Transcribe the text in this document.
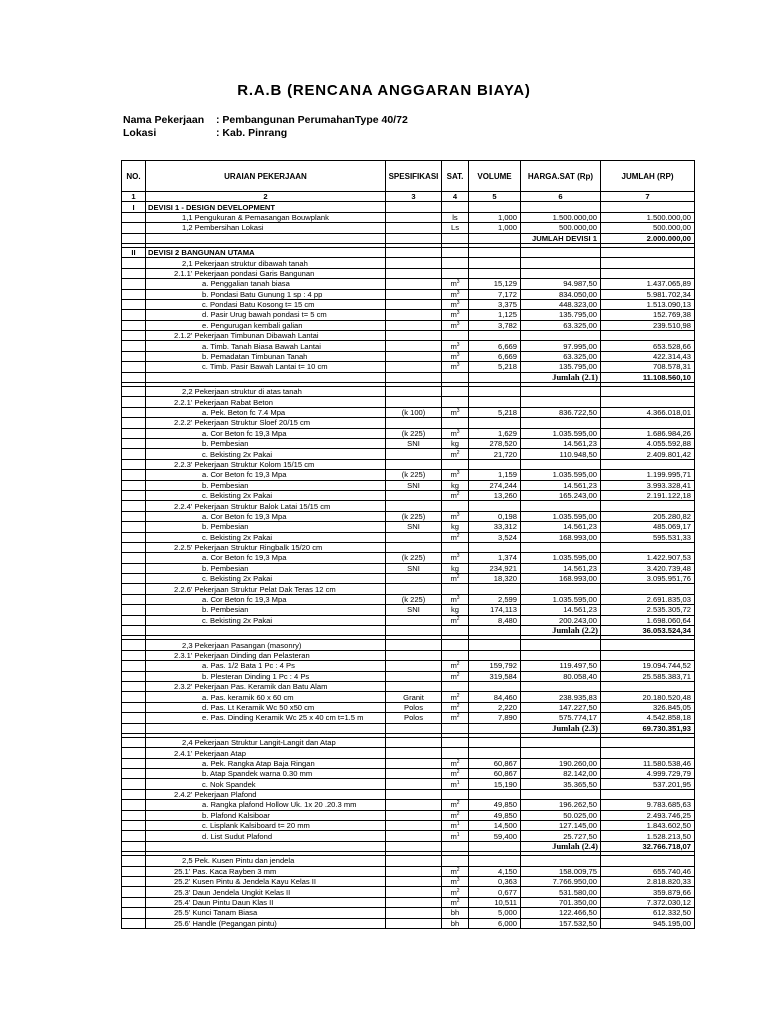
R.A.B (RENCANA ANGGARAN BIAYA)
Nama Pekerjaan : Pembangunan PerumahanType 40/72
Lokasi	: Kab. Pinrang
NO.	URAIAN PEKERJAAN	SPESIFIKASI	SAT.	VOLUME	HARGA.SAT (Rp)	JUMLAH (RP)
1	2	3	4	5	6	7
I	DEVISI 1 - DESIGN DEVELOPMENT					
	1,1 Pengukuran & Pemasangan Bouwplank		ls	1,000	1.500.000,00	1.500.000,00
	1,2 Pembersihan Lokasi		Ls	1,000	500.000,00	500.000,00
					JUMLAH DEVISI 1	2.000.000,00

II	DEVISI 2 BANGUNAN UTAMA					
	2,1 Pekerjaan struktur dibawah tanah					
	2.1.1' Pekerjaan pondasi Garis Bangunan					
	a. Penggalian tanah biasa		$m^3$	15,129	94.987,50	1.437.065,89
	b. Pondasi Batu Gunung 1 sp : 4 pp		$m^3$	7,172	834.050,00	5.981.702,34
	c. Pondasi Batu Kosong t= 15 cm		$m^3$	3,375	448.323,00	1.513.090,13
	d. Pasir Urug bawah pondasi t= 5 cm		$m^3$	1,125	135.795,00	152.769,38
	e. Pengurugan kembali galian		$m^3$	3,782	63.325,00	239.510,98
	2.1.2' Pekerjaan Timbunan Dibawah Lantai					
	a. Timb. Tanah Biasa Bawah Lantai		$m^3$	6,669	97.995,00	653.528,66
	b. Pemadatan Timbunan Tanah		$m^3$	6,669	63.325,00	422.314,43
	c. Timb. Pasir Bawah Lantai t= 10 cm		$m^3$	5,218	135.795,00	708.578,31
					Jumlah (2.1)	11.108.560,10

	2,2 Pekerjaan struktur di atas tanah					
	2.2.1' Pekerjaan Rabat Beton					
	a. Pek. Beton fc 7.4 Mpa	(k 100)	$m^3$	5,218	836.722,50	4.366.018,01
	2.2.2' Pekerjaan Struktur Sloef 20/15 cm					
	a. Cor Beton fc 19,3 Mpa	(k 225)	$m^3$	1,629	1.035.595,00	1.686.984,26
	b. Pembesian	SNI	kg	278,520	14.561,23	4.055.592,88
	c. Bekisting 2x Pakai		$m^2$	21,720	110.948,50	2.409.801,42
	2.2.3' Pekerjaan Struktur Kolom 15/15 cm					
	a. Cor Beton fc 19,3 Mpa	(k 225)	$m^3$	1,159	1.035.595,00	1.199.995,71
	b. Pembesian	SNI	kg	274,244	14.561,23	3.993.328,41
	c. Bekisting 2x Pakai		$m^2$	13,260	165.243,00	2.191.122,18
	2.2.4' Pekerjaan Struktur Balok Latai 15/15 cm					
	a. Cor Beton fc 19,3 Mpa	(k 225)	$m^3$	0,198	1.035.595,00	205.280,82
	b. Pembesian	SNI	kg	33,312	14.561,23	485.069,17
	c. Bekisting 2x Pakai		$m^2$	3,524	168.993,00	595.531,33
	2.2.5' Pekerjaan Struktur Ringbalk 15/20 cm					
	a. Cor Beton fc 19,3 Mpa	(k 225)	$m^3$	1,374	1.035.595,00	1.422.907,53
	b. Pembesian	SNI	kg	234,921	14.561,23	3.420.739,48
	c. Bekisting 2x Pakai		$m^2$	18,320	168.993,00	3.095.951,76
	2.2.6' Pekerjaan Struktur Pelat Dak Teras 12 cm					
	a. Cor Beton fc 19,3 Mpa	(k 225)	$m^3$	2,599	1.035.595,00	2.691.835,03
	b. Pembesian	SNI	kg	174,113	14.561,23	2.535.305,72
	c. Bekisting 2x Pakai		$m^2$	8,480	200.243,00	1.698.060,64
					Jumlah (2.2)	36.053.524,34

	2,3 Pekerjaan Pasangan (masonry)					
	2.3.1' Pekerjaan Dinding dan Pelasteran					
	a. Pas. 1/2 Bata 1 Pc : 4 Ps		$m^2$	159,792	119.497,50	19.094.744,52
	b. Plesteran Dinding 1 Pc : 4 Ps		$m^2$	319,584	80.058,40	25.585.383,71
	2.3.2' Pekerjaan Pas. Keramik dan Batu Alam					
	a. Pas. keramik 60 x 60 cm	Granit	$m^2$	84,460	238.935,83	20.180.520,48
	d. Pas. Lt Keramik Wc 50 x50 cm	Polos	$m^2$	2,220	147.227,50	326.845,05
	e. Pas. Dinding Keramik Wc 25 x 40 cm t=1.5 m	Polos	$m^2$	7,890	575.774,17	4.542.858,18
					Jumlah (2.3)	69.730.351,93

	2,4 Pekerjaan Struktur Langit-Langit dan Atap					
	2.4.1' Pekerjaan Atap					
	a. Pek. Rangka Atap Baja Ringan		$m^2$	60,867	190.260,00	11.580.538,46
	b. Atap Spandek warna 0.30 mm		$m^2$	60,867	82.142,00	4.999.729,79
	c. Nok Spandek		$m^1$	15,190	35.365,50	537.201,95
	2.4.2' Pekerjaan Plafond					
	a. Rangka plafond Hollow Uk. 1x 20 .20.3 mm		$m^2$	49,850	196.262,50	9.783.685,63
	b. Plafond Kalsiboar		$m^2$	49,850	50.025,00	2.493.746,25
	c. Lisplank Kalsiboard t= 20 mm		$m^1$	14,500	127.145,00	1.843.602,50
	d. List Sudut Plafond		$m^1$	59,400	25.727,50	1.528.213,50
					Jumlah (2.4)	32.766.718,07

	2,5 Pek. Kusen Pintu dan jendela					
	25.1' Pas. Kaca Rayben 3 mm		$m^2$	4,150	158.009,75	655.740,46
	25.2' Kusen Pintu & Jendela Kayu Kelas II		$m^3$	0,363	7.766.950,00	2.818.820,33
	25.3' Daun Jendela Ungkit Kelas II		$m^2$	0,677	531.580,00	359.879,66
	25.4' Daun Pintu Daun Klas II		$m^2$	10,511	701.350,00	7.372.030,12
	25.5' Kunci Tanam Biasa		bh	5,000	122.466,50	612.332,50
	25.6' Handle (Pegangan pintu)		bh	6,000	157.532,50	945.195,00
